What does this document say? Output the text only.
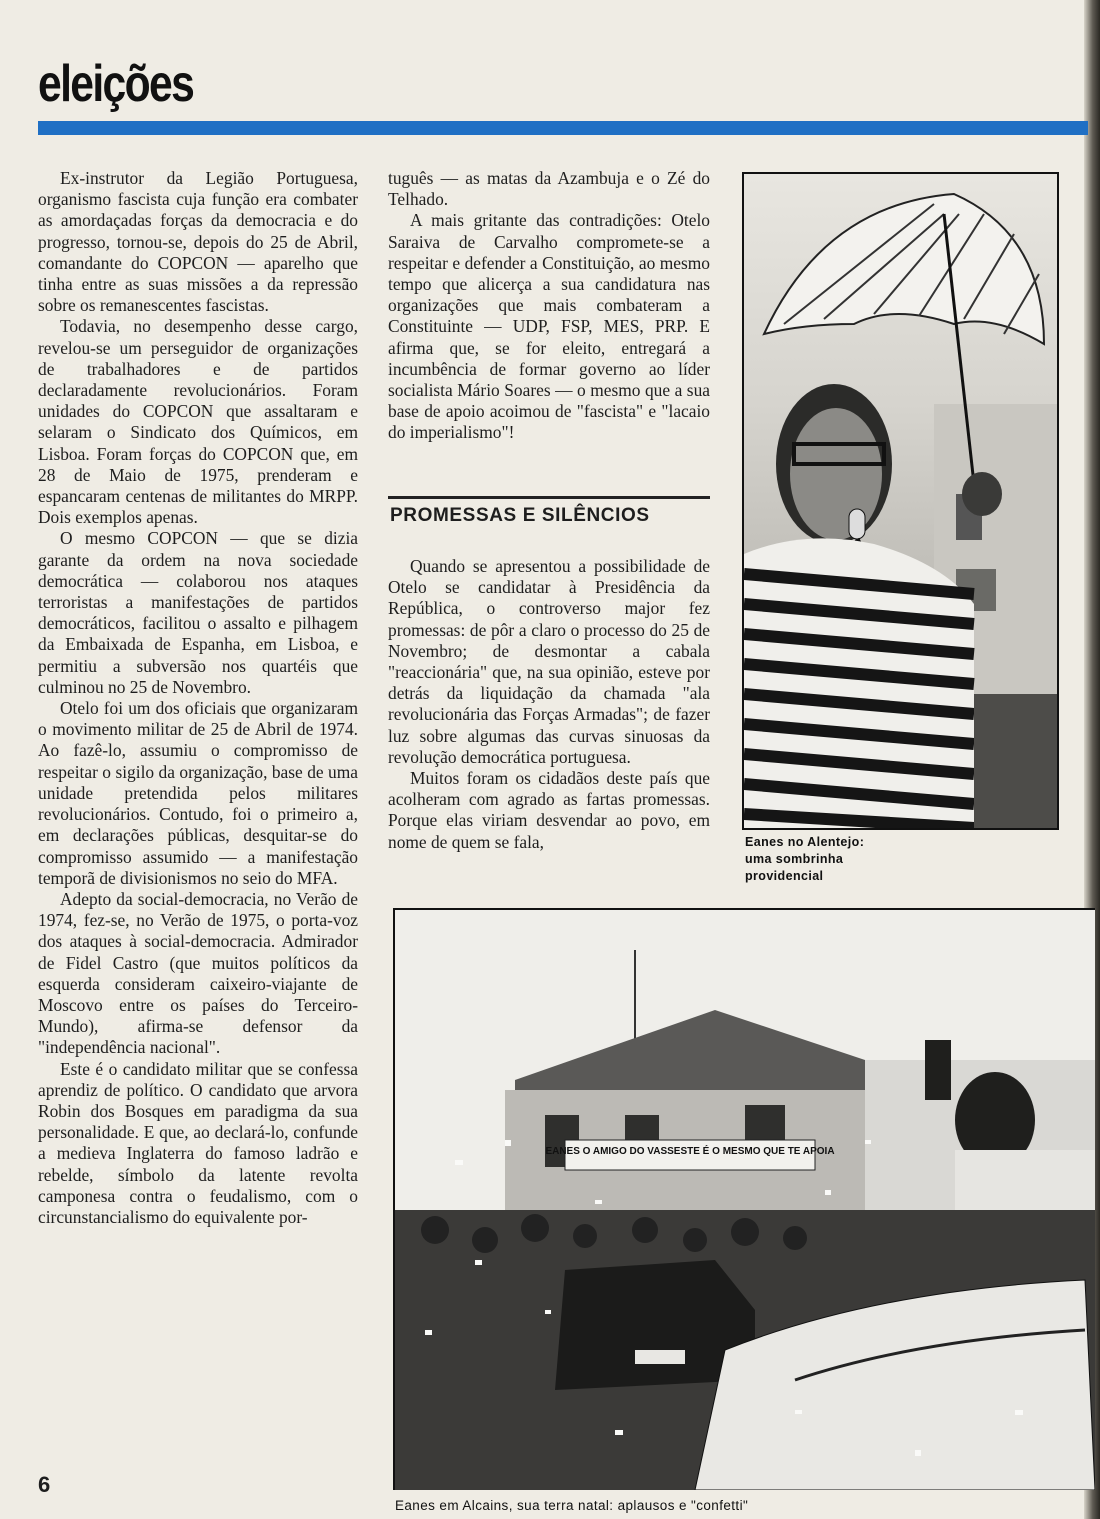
eleições

Ex-instrutor da Legião Portuguesa, organismo fascista cuja função era combater as amordaçadas forças da democracia e do progresso, tornou-se, depois do 25 de Abril, comandante do COPCON — aparelho que tinha entre as suas missões a da repressão sobre os remanescentes fascistas.

Todavia, no desempenho desse cargo, revelou-se um perseguidor de organizações de trabalhadores e de partidos declaradamente revolucionários. Foram unidades do COPCON que assaltaram e selaram o Sindicato dos Químicos, em Lisboa. Foram forças do COPCON que, em 28 de Maio de 1975, prenderam e espancaram centenas de militantes do MRPP. Dois exemplos apenas.

O mesmo COPCON — que se dizia garante da ordem na nova sociedade democrática — colaborou nos ataques terroristas a manifestações de partidos democráticos, facilitou o assalto e pilhagem da Embaixada de Espanha, em Lisboa, e permitiu a subversão nos quartéis que culminou no 25 de Novembro.

Otelo foi um dos oficiais que organizaram o movimento militar de 25 de Abril de 1974. Ao fazê-lo, assumiu o compromisso de respeitar o sigilo da organização, base de uma unidade pretendida pelos militares revolucionários. Contudo, foi o primeiro a, em declarações públicas, desquitar-se do compromisso assumido — a manifestação temporã de divisionismos no seio do MFA.

Adepto da social-democracia, no Verão de 1974, fez-se, no Verão de 1975, o porta-voz dos ataques à social-democracia. Admirador de Fidel Castro (que muitos políticos da esquerda consideram caixeiro-viajante de Moscovo entre os países do Terceiro-Mundo), afirma-se defensor da "independência nacional".

Este é o candidato militar que se confessa aprendiz de político. O candidato que arvora Robin dos Bosques em paradigma da sua personalidade. E que, ao declará-lo, confunde a medieva Inglaterra do famoso ladrão e rebelde, símbolo da latente revolta camponesa contra o feudalismo, com o circunstancialismo do equivalente por-

tuguês — as matas da Azambuja e o Zé do Telhado.

A mais gritante das contradições: Otelo Saraiva de Carvalho compromete-se a respeitar e defender a Constituição, ao mesmo tempo que alicerça a sua candidatura nas organizações que mais combateram a Constituinte — UDP, FSP, MES, PRP. E afirma que, se for eleito, entregará a incumbência de formar governo ao líder socialista Mário Soares — o mesmo que a sua base de apoio acoimou de "fascista" e "lacaio do imperialismo"!

PROMESSAS E SILÊNCIOS

Quando se apresentou a possibilidade de Otelo se candidatar à Presidência da República, o controverso major fez promessas: de pôr a claro o processo do 25 de Novembro; de desmontar a cabala "reaccionária" que, na sua opinião, esteve por detrás da liquidação da chamada "ala revolucionária das Forças Armadas"; de fazer luz sobre algumas das curvas sinuosas da revolução democrática portuguesa.

Muitos foram os cidadãos deste país que acolheram com agrado as fartas promessas. Porque elas viriam desvendar ao povo, em nome de quem se fala,	Eanes no Alentejo: uma sombrinha providencial

EANES O AMIGO DO VASSESTE É O MESMO QUE TE APOIA

Eanes em Alcains, sua terra natal: aplausos e "confetti"

6
